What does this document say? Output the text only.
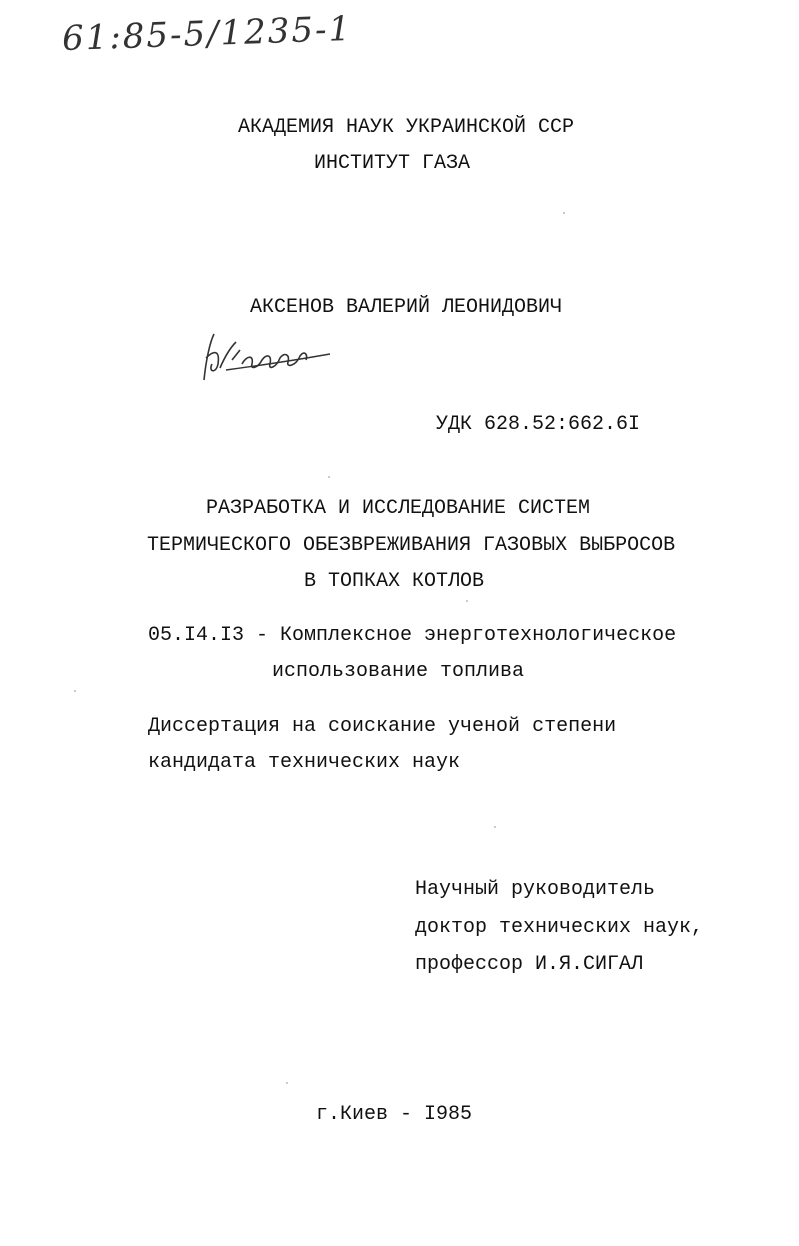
61:85-5/1235-1
АКАДЕМИЯ НАУК УКРАИНСКОЙ ССР
ИНСТИТУТ ГАЗА
АКСЕНОВ ВАЛЕРИЙ ЛЕОНИДОВИЧ
УДК 628.52:662.6I
РАЗРАБОТКА И ИССЛЕДОВАНИЕ СИСТЕМ
ТЕРМИЧЕСКОГО ОБЕЗВРЕЖИВАНИЯ ГАЗОВЫХ ВЫБРОСОВ
В ТОПКАХ КОТЛОВ
05.I4.I3 - Комплексное энерготехнологическое
использование топлива
Диссертация на соискание ученой степени
кандидата технических наук
Научный руководитель
доктор технических наук,
профессор И.Я.СИГАЛ
г.Киев - I985
